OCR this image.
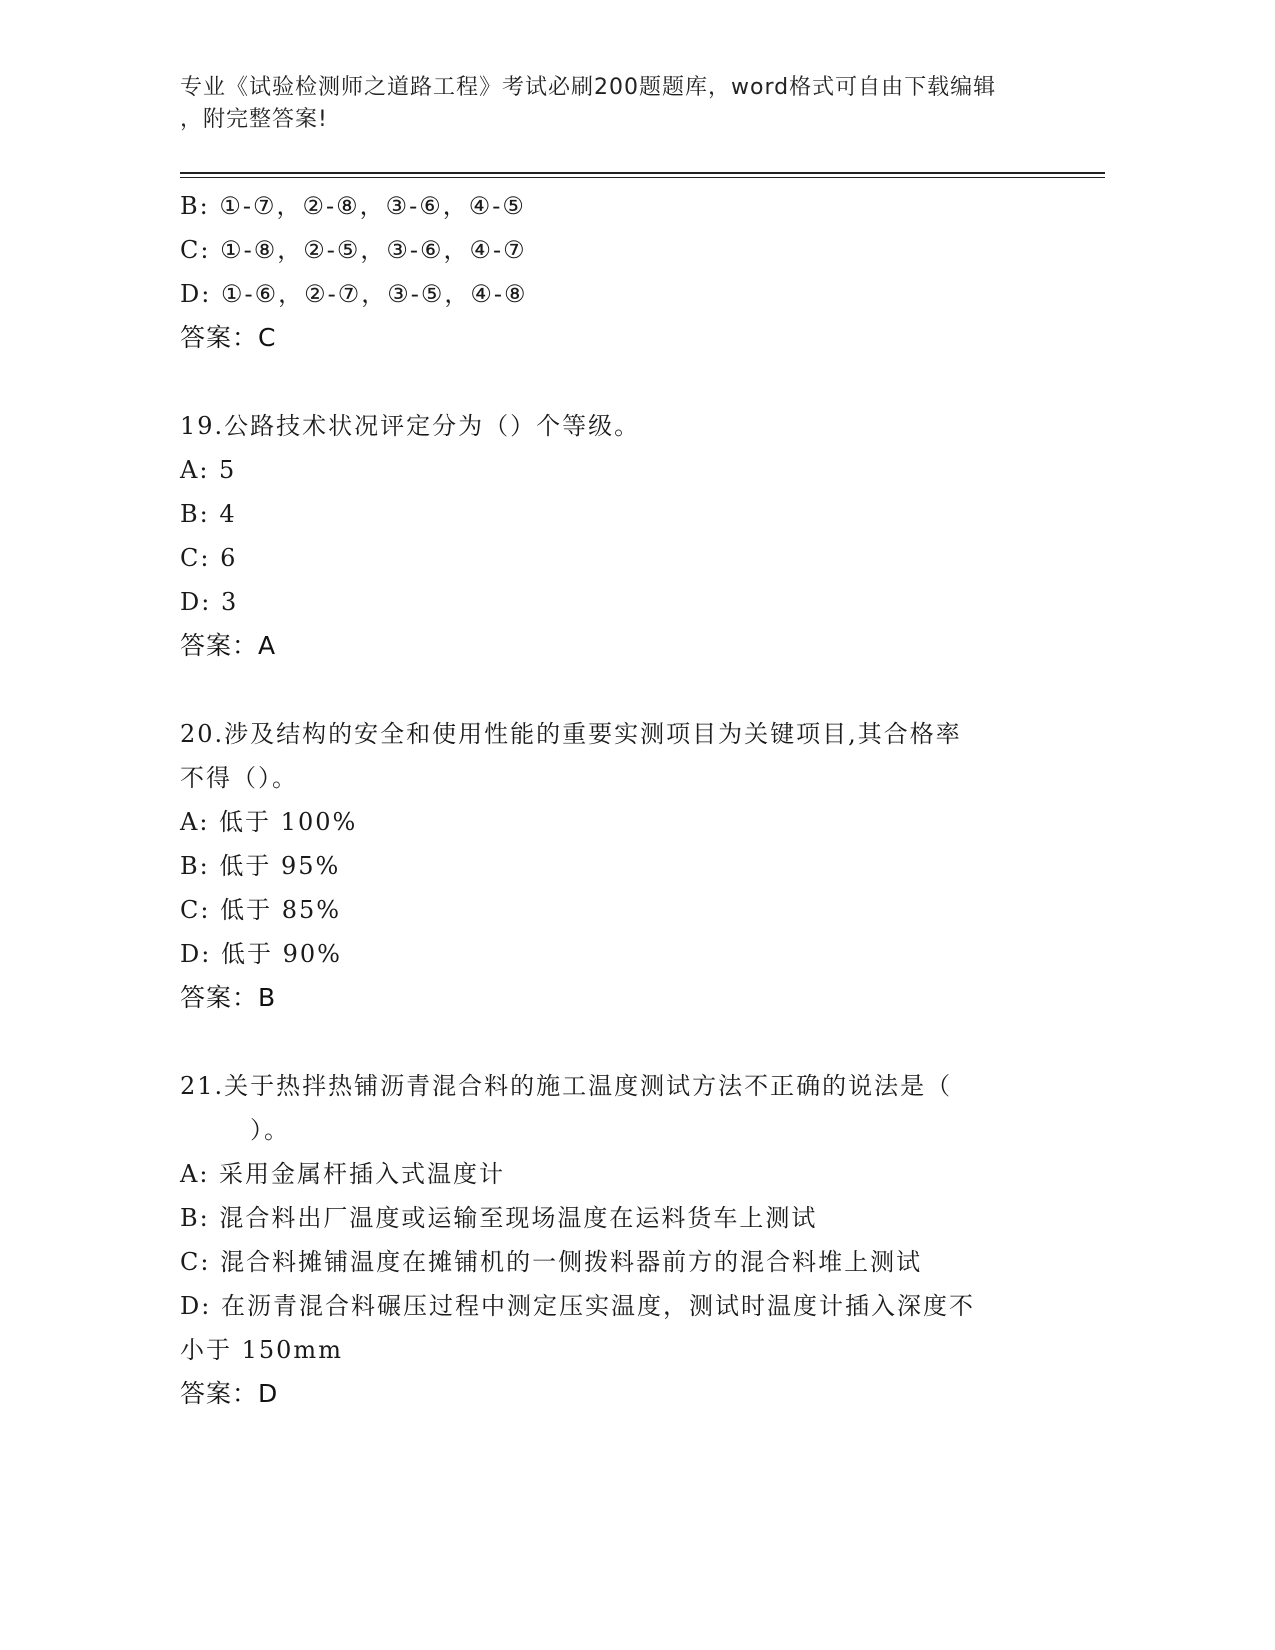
专业《试验检测师之道路工程》考试必刷200题题库，word格式可自由下载编辑
，附完整答案!
B: ①-⑦，②-⑧，③-⑥，④-⑤
C: ①-⑧，②-⑤，③-⑥，④-⑦
D: ①-⑥，②-⑦，③-⑤，④-⑧
答案：C
19.公路技术状况评定分为（）个等级。
A: 5
B: 4
C: 6
D: 3
答案：A
20.涉及结构的安全和使用性能的重要实测项目为关键项目,其合格率
不得（）。
A: 低于 100%
B: 低于 95%
C: 低于 85%
D: 低于 90%
答案：B
21.关于热拌热铺沥青混合料的施工温度测试方法不正确的说法是（
）。
A: 采用金属杆插入式温度计
B: 混合料出厂温度或运输至现场温度在运料货车上测试
C: 混合料摊铺温度在摊铺机的一侧拨料器前方的混合料堆上测试
D: 在沥青混合料碾压过程中测定压实温度，测试时温度计插入深度不
小于 150mm
答案：D
